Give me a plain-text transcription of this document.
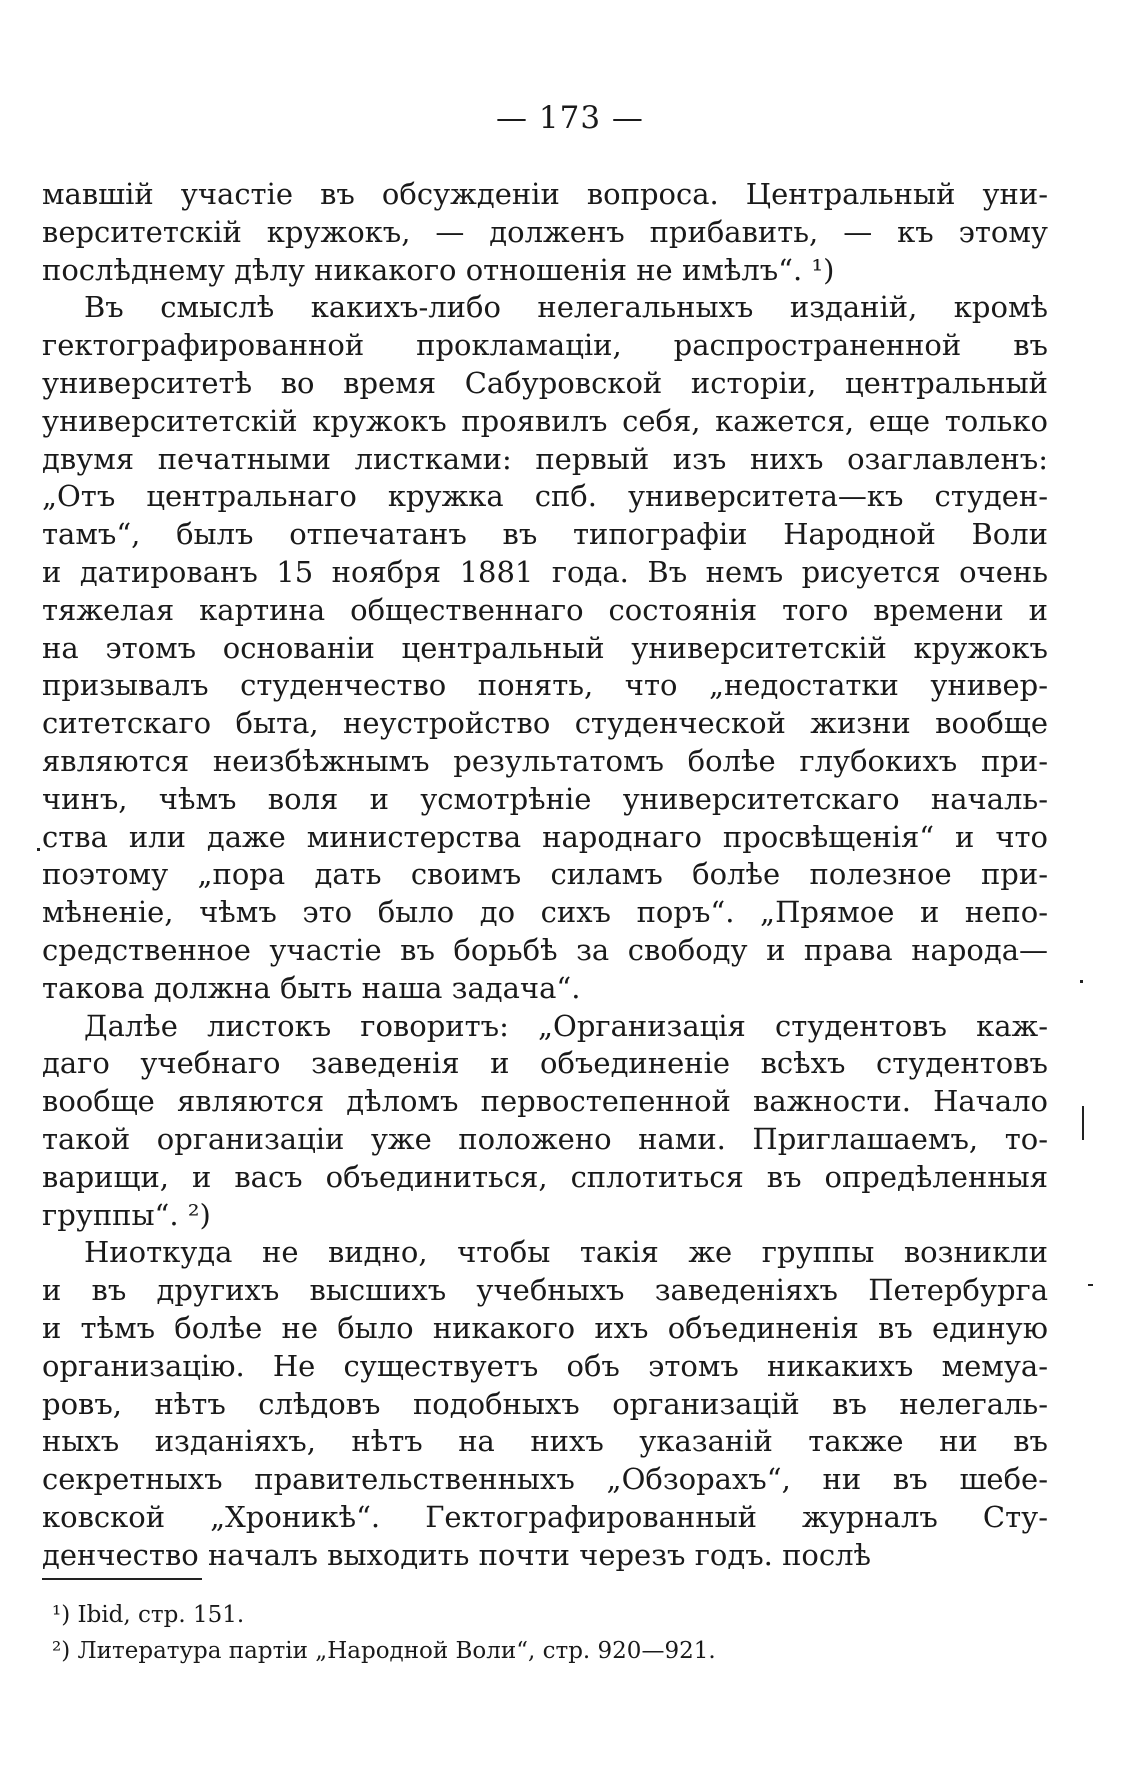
— 173 —
мавшій участіе въ обсужденіи вопроса. Центральный уни-
верситетскій кружокъ, — долженъ прибавить, — къ этому
послѣднему дѣлу никакого отношенія не имѣлъ“. ¹)
Въ смыслѣ какихъ-либо нелегальныхъ изданій, кромѣ
гектографированной прокламаціи, распространенной въ
университетѣ во время Сабуровской исторіи, центральный
университетскій кружокъ проявилъ себя, кажется, еще только
двумя печатными листками: первый изъ нихъ озаглавленъ:
„Отъ центральнаго кружка спб. университета—къ студен-
тамъ“, былъ отпечатанъ въ типографіи Народной Воли
и датированъ 15 ноября 1881 года. Въ немъ рисуется очень
тяжелая картина общественнаго состоянія того времени и
на этомъ основаніи центральный университетскій кружокъ
призывалъ студенчество понять, что „недостатки универ-
ситетскаго быта, неустройство студенческой жизни вообще
являются неизбѣжнымъ результатомъ болѣе глубокихъ при-
чинъ, чѣмъ воля и усмотрѣніе университетскаго началь-
ства или даже министерства народнаго просвѣщенія“ и что
поэтому „пора дать своимъ силамъ болѣе полезное при-
мѣненіе, чѣмъ это было до сихъ поръ“. „Прямое и непо-
средственное участіе въ борьбѣ за свободу и права народа—
такова должна быть наша задача“.
Далѣе листокъ говоритъ: „Организація студентовъ каж-
даго учебнаго заведенія и объединеніе всѣхъ студентовъ
вообще являются дѣломъ первостепенной важности. Начало
такой организаціи уже положено нами. Приглашаемъ, то-
варищи, и васъ объединиться, сплотиться въ опредѣленныя
группы“. ²)
Ниоткуда не видно, чтобы такія же группы возникли
и въ другихъ высшихъ учебныхъ заведеніяхъ Петербурга
и тѣмъ болѣе не было никакого ихъ объединенія въ единую
организацію. Не существуетъ объ этомъ никакихъ мемуа-
ровъ, нѣтъ слѣдовъ подобныхъ организацій въ нелегаль-
ныхъ изданіяхъ, нѣтъ на нихъ указаній также ни въ
секретныхъ правительственныхъ „Обзорахъ“, ни въ шебе-
ковской „Хроникѣ“. Гектографированный журналъ Сту-
денчество началъ выходить почти черезъ годъ. послѣ
¹) Ibid, стр. 151.
²) Литература партіи „Народной Воли“, стр. 920—921.
